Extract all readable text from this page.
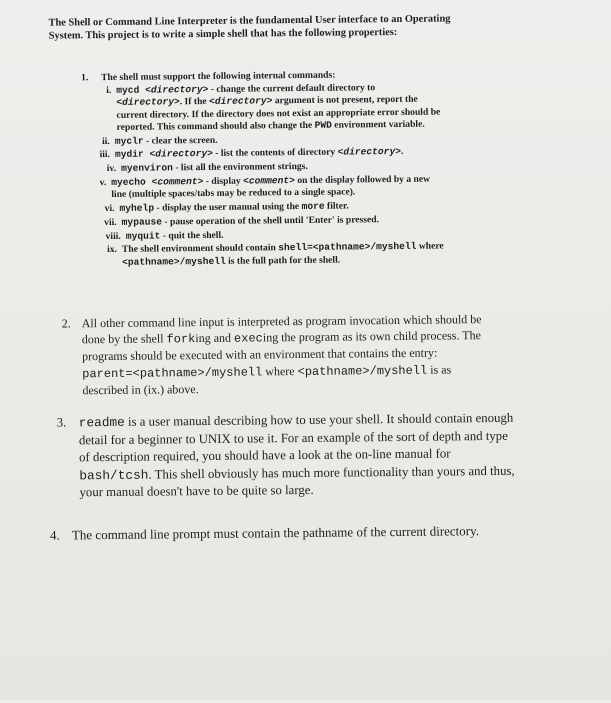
The Shell or Command Line Interpreter is the fundamental User interface to an Operating
System. This project is to write a simple shell that has the following properties:
1.	The shell must support the following internal commands:
i. mycd <directory> - change the current default directory to
<directory>. If the <directory> argument is not present, report the
current directory. If the directory does not exist an appropriate error should be
reported. This command should also change the PWD environment variable.
ii. myclr - clear the screen.
iii. mydir <directory> - list the contents of directory <directory>.
iv. myenviron - list all the environment strings.
v. myecho <comment> - display <comment> on the display followed by a new
line (multiple spaces/tabs may be reduced to a single space).
vi. myhelp - display the user manual using the more filter.
vii. mypause - pause operation of the shell until 'Enter' is pressed.
viii. myquit - quit the shell.
ix. The shell environment should contain shell=<pathname>/myshell where
<pathname>/myshell is the full path for the shell.
2. All other command line input is interpreted as program invocation which should be
done by the shell forking and execing the program as its own child process. The
programs should be executed with an environment that contains the entry:
parent=<pathname>/myshell where <pathname>/myshell is as
described in (ix.) above.
3. readme is a user manual describing how to use your shell. It should contain enough
detail for a beginner to UNIX to use it. For an example of the sort of depth and type
of description required, you should have a look at the on-line manual for
bash/tcsh. This shell obviously has much more functionality than yours and thus,
your manual doesn't have to be quite so large.
4. The command line prompt must contain the pathname of the current directory.
